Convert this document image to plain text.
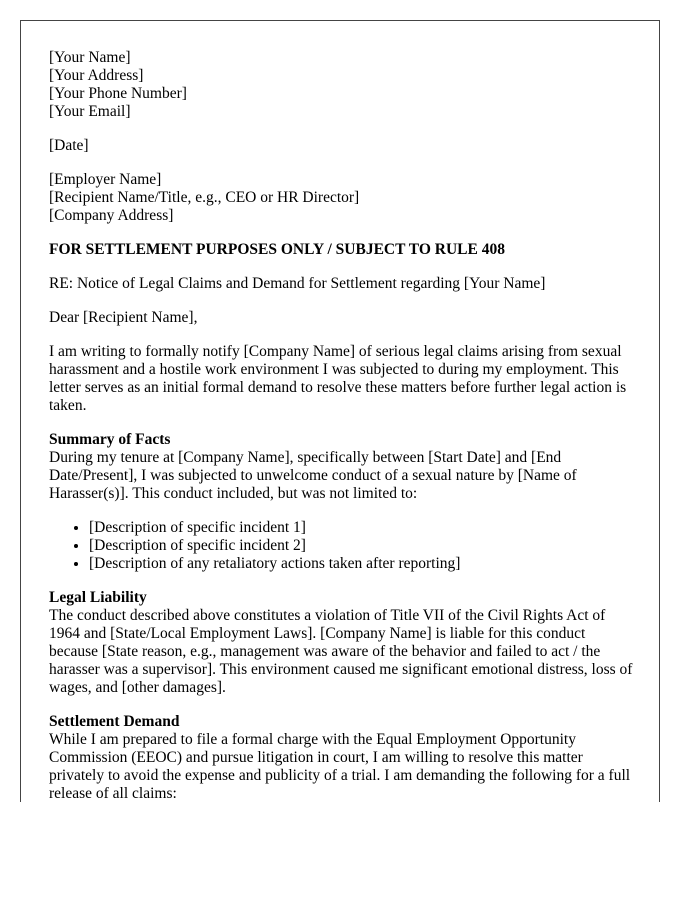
[Your Name]
[Your Address]
[Your Phone Number]
[Your Email]
[Date]
[Employer Name]
[Recipient Name/Title, e.g., CEO or HR Director]
[Company Address]

FOR SETTLEMENT PURPOSES ONLY / SUBJECT TO RULE 408

RE: Notice of Legal Claims and Demand for Settlement regarding [Your Name]

Dear [Recipient Name],

I am writing to formally notify [Company Name] of serious legal claims arising from sexual harassment and a hostile work environment I was subjected to during my employment. This letter serves as an initial formal demand to resolve these matters before further legal action is taken.

Summary of Facts

During my tenure at [Company Name], specifically between [Start Date] and [End Date/Present], I was subjected to unwelcome conduct of a sexual nature by [Name of Harasser(s)]. This conduct included, but was not limited to:

• [Description of specific incident 1]
• [Description of specific incident 2]
• [Description of any retaliatory actions taken after reporting]
Legal Liability

The conduct described above constitutes a violation of Title VII of the Civil Rights Act of 1964 and [State/Local Employment Laws]. [Company Name] is liable for this conduct because [State reason, e.g., management was aware of the behavior and failed to act / the harasser was a supervisor]. This environment caused me significant emotional distress, loss of wages, and [other damages].

Settlement Demand

While I am prepared to file a formal charge with the Equal Employment Opportunity Commission (EEOC) and pursue litigation in court, I am willing to resolve this matter privately to avoid the expense and publicity of a trial. I am demanding the following for a full release of all claims:
